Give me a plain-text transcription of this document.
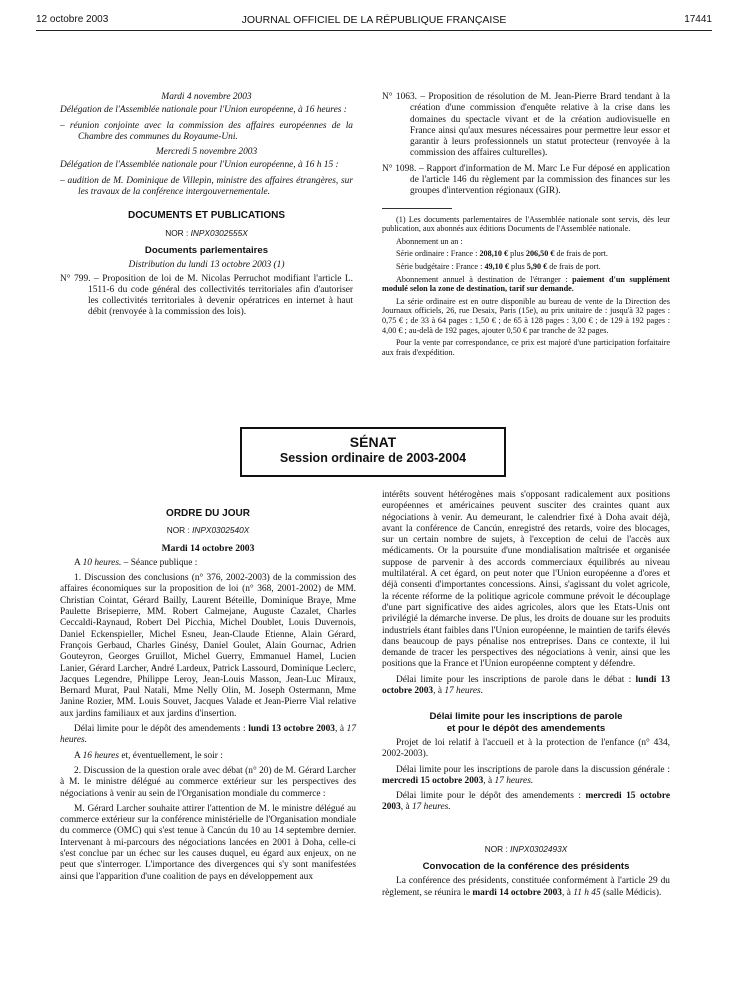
12 octobre 2003	JOURNAL OFFICIEL DE LA RÉPUBLIQUE FRANÇAISE	17441

Mardi 4 novembre 2003

Délégation de l'Assemblée nationale pour l'Union européenne, à 16 heures :

– réunion conjointe avec la commission des affaires européennes de la Chambre des communes du Royaume-Uni.

Mercredi 5 novembre 2003

Délégation de l'Assemblée nationale pour l'Union européenne, à 16 h 15 :

– audition de M. Dominique de Villepin, ministre des affaires étrangères, sur les travaux de la conférence intergouvernementale.

DOCUMENTS ET PUBLICATIONS

NOR : INPX0302555X

Documents parlementaires

Distribution du lundi 13 octobre 2003 (1)

N° 799. – Proposition de loi de M. Nicolas Perruchot modifiant l'article L. 1511-6 du code général des collectivités territoriales afin d'autoriser les collectivités territoriales à devenir opératrices en internet à haut débit (renvoyée à la commission des lois).

N° 1063. – Proposition de résolution de M. Jean-Pierre Brard tendant à la création d'une commission d'enquête relative à la crise dans les domaines du spectacle vivant et de la création audiovisuelle en France ainsi qu'aux mesures nécessaires pour permettre leur essor et garantir à leurs professionnels un statut protecteur (renvoyée à la commission des affaires culturelles).

N° 1098. – Rapport d'information de M. Marc Le Fur déposé en application de l'article 146 du règlement par la commission des finances sur les groupes d'intervention régionaux (GIR).

(1) Les documents parlementaires de l'Assemblée nationale sont servis, dès leur publication, aux abonnés aux éditions Documents de l'Assemblée nationale.

Abonnement un an :

Série ordinaire : France : 208,10 € plus 206,50 € de frais de port.

Série budgétaire : France : 49,10 € plus 5,90 € de frais de port.

Abonnement annuel à destination de l'étranger : paiement d'un supplément modulé selon la zone de destination, tarif sur demande.

La série ordinaire est en outre disponible au bureau de vente de la Direction des Journaux officiels, 26, rue Desaix, Paris (15e), au prix unitaire de : jusqu'à 32 pages : 0,75 € ; de 33 à 64 pages : 1,50 € ; de 65 à 128 pages : 3,00 € ; de 129 à 192 pages : 4,00 € ; au-delà de 192 pages, ajouter 0,50 € par tranche de 32 pages.

Pour la vente par correspondance, ce prix est majoré d'une participation forfaitaire aux frais d'expédition.

SÉNAT
Session ordinaire de 2003-2004

ORDRE DU JOUR

NOR : INPX0302540X

Mardi 14 octobre 2003

A 10 heures. – Séance publique :

1. Discussion des conclusions (n° 376, 2002-2003) de la commission des affaires économiques sur la proposition de loi (n° 368, 2001-2002) de MM. Christian Cointat, Gérard Bailly, Laurent Béteille, Dominique Braye, Mme Paulette Brisepierre, MM. Robert Calmejane, Auguste Cazalet, Charles Ceccaldi-Raynaud, Robert Del Picchia, Michel Doublet, Louis Duvernois, Daniel Eckenspieller, Michel Esneu, Jean-Claude Etienne, Alain Gérard, François Gerbaud, Charles Ginésy, Daniel Goulet, Alain Gournac, Adrien Gouteyron, Georges Gruillot, Michel Guerry, Emmanuel Hamel, Lucien Lanier, Gérard Larcher, André Lardeux, Patrick Lassourd, Dominique Leclerc, Jacques Legendre, Philippe Leroy, Jean-Louis Masson, Jean-Luc Miraux, Bernard Murat, Paul Natali, Mme Nelly Olin, M. Joseph Ostermann, Mme Janine Rozier, MM. Louis Souvet, Jacques Valade et Jean-Pierre Vial relative aux jardins familiaux et aux jardins d'insertion.

Délai limite pour le dépôt des amendements : lundi 13 octobre 2003, à 17 heures.

A 16 heures et, éventuellement, le soir :

2. Discussion de la question orale avec débat (n° 20) de M. Gérard Larcher à M. le ministre délégué au commerce extérieur sur les perspectives des négociations à venir au sein de l'Organisation mondiale du commerce :

M. Gérard Larcher souhaite attirer l'attention de M. le ministre délégué au commerce extérieur sur la conférence ministérielle de l'Organisation mondiale du commerce (OMC) qui s'est tenue à Cancún du 10 au 14 septembre dernier. Intervenant à mi-parcours des négociations lancées en 2001 à Doha, celle-ci s'est conclue par un échec sur les causes duquel, eu égard aux enjeux, on ne peut que s'interroger. L'importance des divergences qui s'y sont manifestées ainsi que l'apparition d'une coalition de pays en développement aux

intérêts souvent hétérogènes mais s'opposant radicalement aux positions européennes et américaines peuvent susciter des craintes quant aux négociations à venir. Au demeurant, le calendrier fixé à Doha avait déjà, avant la conférence de Cancún, enregistré des retards, voire des blocages, sur un certain nombre de sujets, à l'exception de celui de l'accès aux médicaments. Or la poursuite d'une mondialisation maîtrisée et organisée suppose de parvenir à des accords commerciaux équilibrés au niveau multilatéral. A cet égard, on peut noter que l'Union européenne a d'ores et déjà consenti d'importantes concessions. Ainsi, s'agissant du volet agricole, la récente réforme de la politique agricole commune prévoit le découplage d'une part significative des aides agricoles, alors que les Etats-Unis ont privilégié la démarche inverse. De plus, les droits de douane sur les produits industriels étant faibles dans l'Union européenne, le maintien de tarifs élevés dans beaucoup de pays pénalise nos entreprises. Dans ce contexte, il lui demande de tracer les perspectives des négociations à venir, ainsi que les positions que la France et l'Union européenne comptent y défendre.

Délai limite pour les inscriptions de parole dans le débat : lundi 13 octobre 2003, à 17 heures.

Délai limite pour les inscriptions de parole

et pour le dépôt des amendements

Projet de loi relatif à l'accueil et à la protection de l'enfance (n° 434, 2002-2003).

Délai limite pour les inscriptions de parole dans la discussion générale : mercredi 15 octobre 2003, à 17 heures.

Délai limite pour le dépôt des amendements : mercredi 15 octobre 2003, à 17 heures.

NOR : INPX0302493X

Convocation de la conférence des présidents

La conférence des présidents, constituée conformément à l'article 29 du règlement, se réunira le mardi 14 octobre 2003, à 11 h 45 (salle Médicis).
